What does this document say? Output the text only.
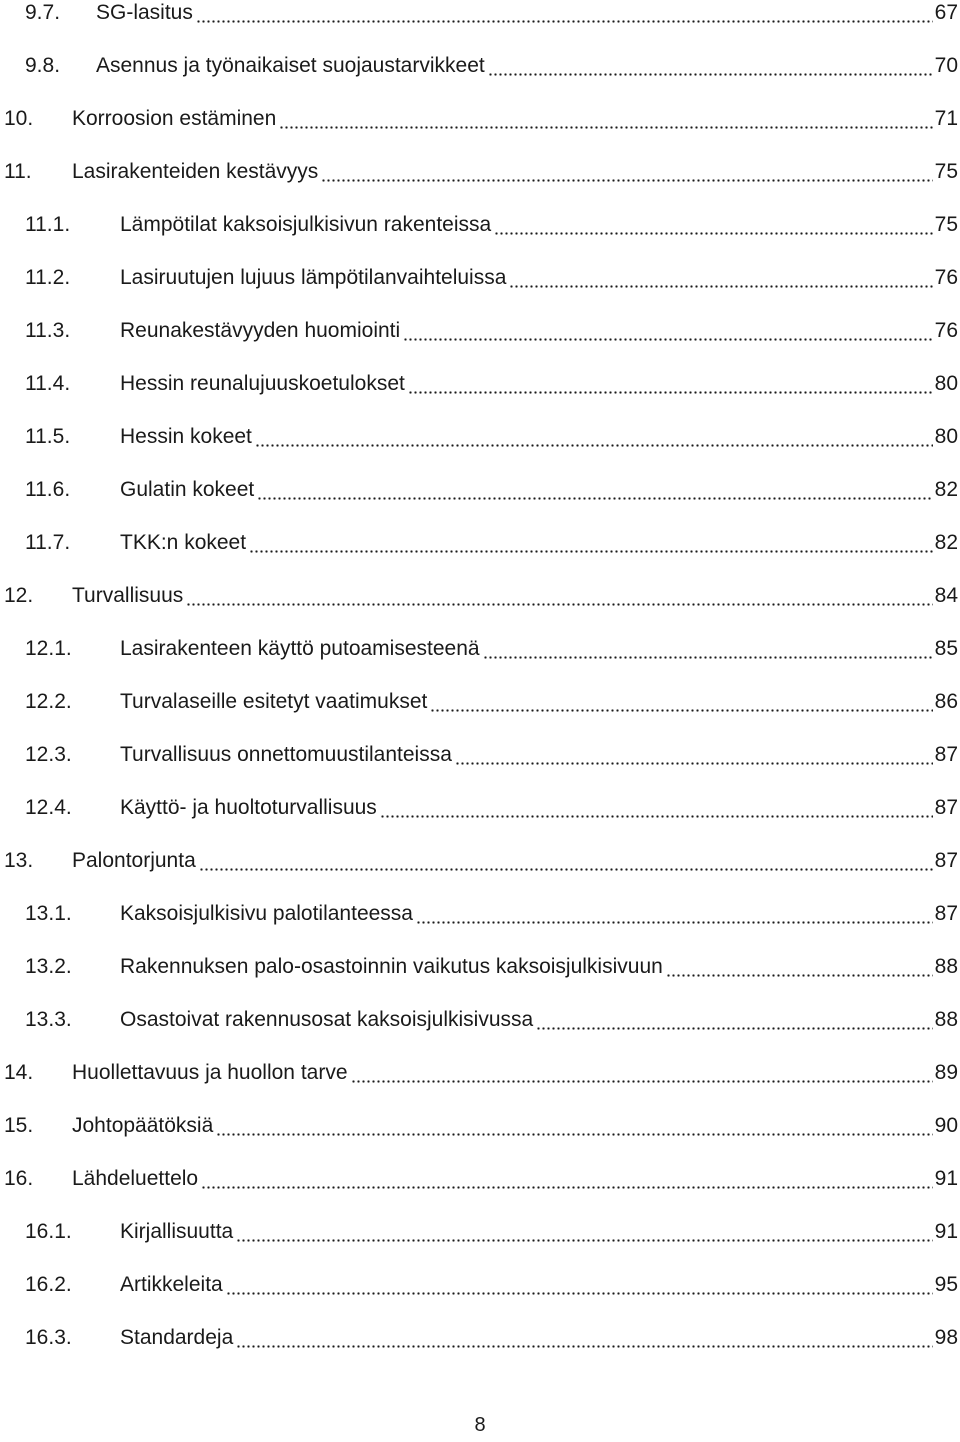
9.7. SG-lasitus	67
9.8. Asennus ja työnaikaiset suojaustarvikkeet	70
10. Korroosion estäminen	71
11. Lasirakenteiden kestävyys	75
11.1. Lämpötilat kaksoisjulkisivun rakenteissa	75
11.2. Lasiruutujen lujuus lämpötilanvaihteluissa	76
11.3. Reunakestävyyden huomiointi	76
11.4. Hessin reunalujuuskoetulokset	80
11.5. Hessin kokeet	80
11.6. Gulatin kokeet	82
11.7. TKK:n kokeet	82
12. Turvallisuus	84
12.1. Lasirakenteen käyttö putoamisesteenä	85
12.2. Turvalaseille esitetyt vaatimukset	86
12.3. Turvallisuus onnettomuustilanteissa	87
12.4. Käyttö- ja huoltoturvallisuus	87
13. Palontorjunta	87
13.1. Kaksoisjulkisivu palotilanteessa	87
13.2. Rakennuksen palo-osastoinnin vaikutus kaksoisjulkisivuun	88
13.3. Osastoivat rakennusosat kaksoisjulkisivussa	88
14. Huollettavuus ja huollon tarve	89
15. Johtopäätöksiä	90
16. Lähdeluettelo	91
16.1. Kirjallisuutta	91
16.2. Artikkeleita	95
16.3. Standardeja	98
8
